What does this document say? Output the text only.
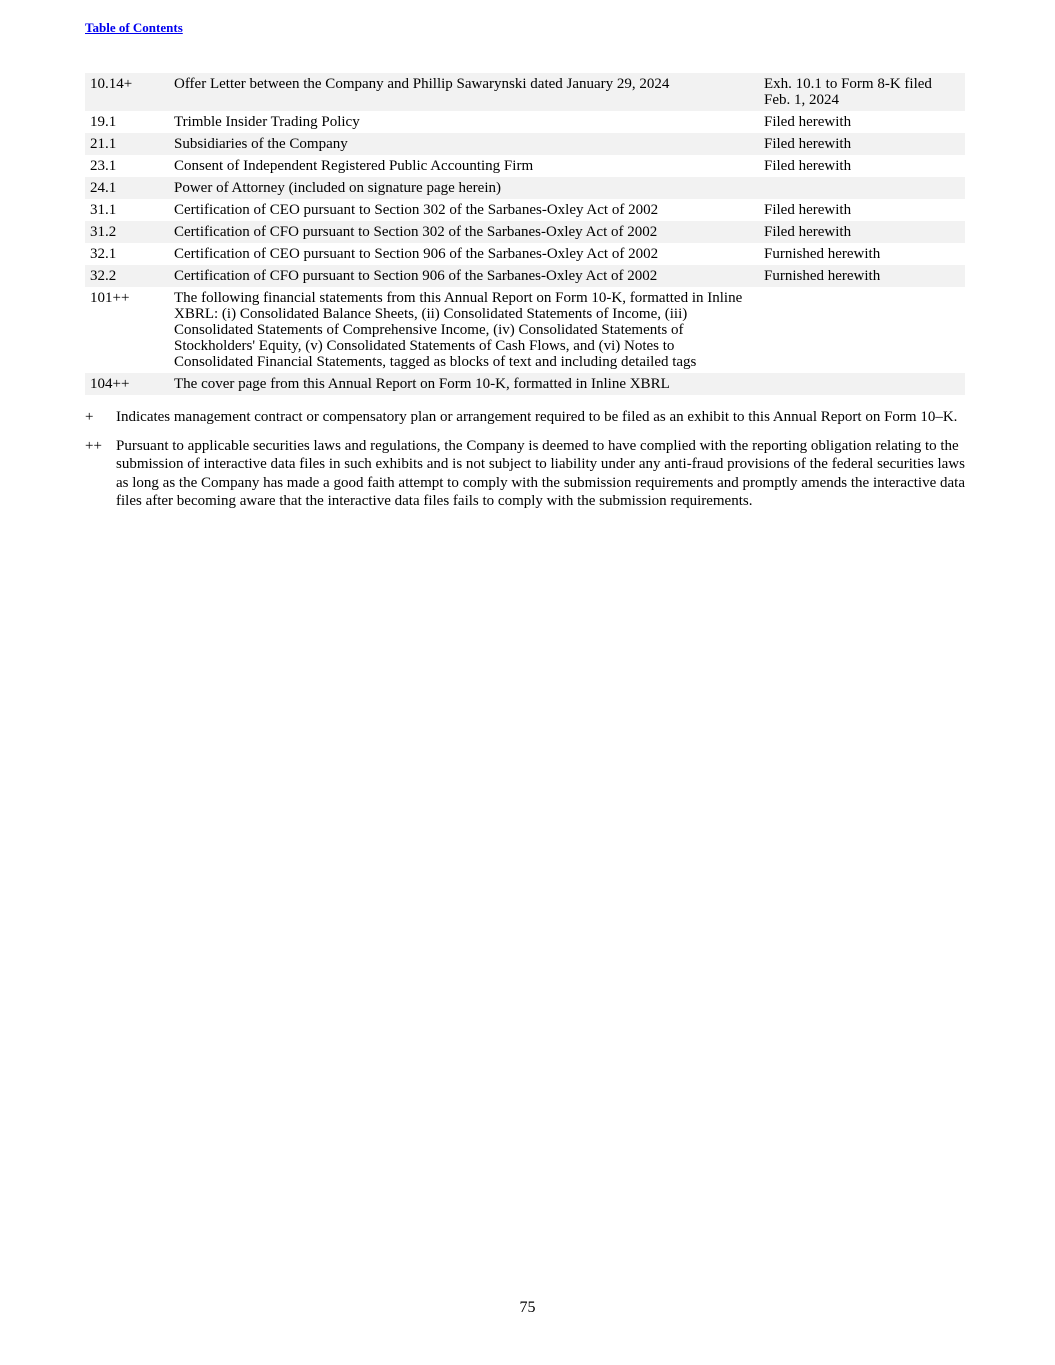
Table of Contents
10.14+	Offer Letter between the Company and Phillip Sawarynski dated January 29, 2024	Exh. 10.1 to Form 8-K filed Feb. 1, 2024
19.1	Trimble Insider Trading Policy	Filed herewith
21.1	Subsidiaries of the Company	Filed herewith
23.1	Consent of Independent Registered Public Accounting Firm	Filed herewith
24.1	Power of Attorney (included on signature page herein)	
31.1	Certification of CEO pursuant to Section 302 of the Sarbanes-Oxley Act of 2002	Filed herewith
31.2	Certification of CFO pursuant to Section 302 of the Sarbanes-Oxley Act of 2002	Filed herewith
32.1	Certification of CEO pursuant to Section 906 of the Sarbanes-Oxley Act of 2002	Furnished herewith
32.2	Certification of CFO pursuant to Section 906 of the Sarbanes-Oxley Act of 2002	Furnished herewith
101++	The following financial statements from this Annual Report on Form 10-K, formatted in Inline XBRL: (i) Consolidated Balance Sheets, (ii) Consolidated Statements of Income, (iii) Consolidated Statements of Comprehensive Income, (iv) Consolidated Statements of Stockholders' Equity, (v) Consolidated Statements of Cash Flows, and (vi) Notes to Consolidated Financial Statements, tagged as blocks of text and including detailed tags	
104++	The cover page from this Annual Report on Form 10-K, formatted in Inline XBRL	
+	Indicates management contract or compensatory plan or arrangement required to be filed as an exhibit to this Annual Report on Form 10–K.
++ Pursuant to applicable securities laws and regulations, the Company is deemed to have complied with the reporting obligation relating to the submission of interactive data files in such exhibits and is not subject to liability under any anti-fraud provisions of the federal securities laws as long as the Company has made a good faith attempt to comply with the submission requirements and promptly amends the interactive data files after becoming aware that the interactive data files fails to comply with the submission requirements.
75
